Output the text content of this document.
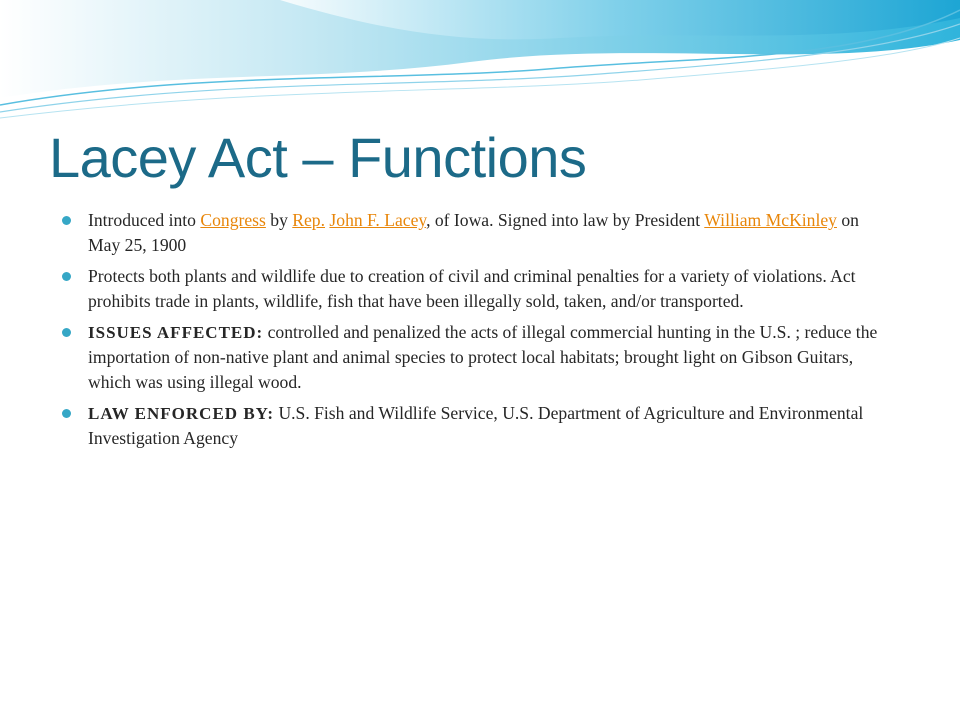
Lacey Act – Functions
Introduced into Congress by Rep. John F. Lacey, of Iowa. Signed into law by President William McKinley on May 25, 1900
Protects both plants and wildlife due to creation of civil and criminal penalties for a variety of violations. Act prohibits trade in plants, wildlife, fish that have been illegally sold, taken, and/or transported.
ISSUES AFFECTED: controlled and penalized the acts of illegal commercial hunting in the U.S. ; reduce the importation of non-native plant and animal species to protect local habitats; brought light on Gibson Guitars, which was using illegal wood.
LAW ENFORCED BY: U.S. Fish and Wildlife Service, U.S. Department of Agriculture and Environmental Investigation Agency
